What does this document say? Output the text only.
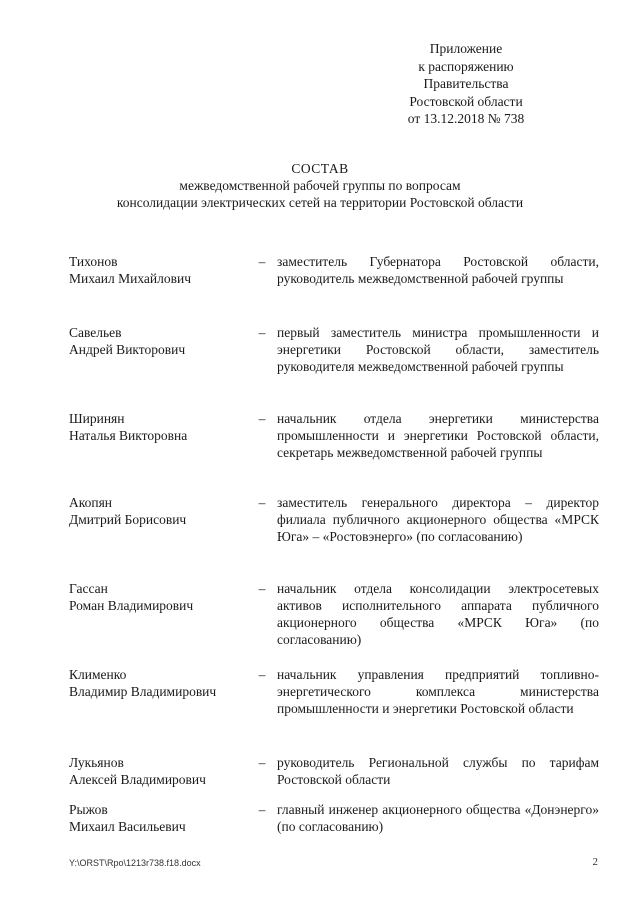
Приложение
к распоряжению
Правительства
Ростовской области
от 13.12.2018 № 738
СОСТАВ
межведомственной рабочей группы по вопросам
консолидации электрических сетей на территории Ростовской области
Тихонов
Михаил Михайлович
– заместитель Губернатора Ростовской области, руководитель межведомственной рабочей группы
Савельев
Андрей Викторович
– первый заместитель министра промышленности и энергетики Ростовской области, заместитель руководителя межведомственной рабочей группы
Ширинян
Наталья Викторовна
– начальник отдела энергетики министерства промышленности и энергетики Ростовской области, секретарь межведомственной рабочей группы
Акопян
Дмитрий Борисович
– заместитель генерального директора – директор филиала публичного акционерного общества «МРСК Юга» – «Ростовэнерго» (по согласованию)
Гассан
Роман Владимирович
– начальник отдела консолидации электросетевых активов исполнительного аппарата публичного акционерного общества «МРСК Юга» (по согласованию)
Клименко
Владимир Владимирович
– начальник управления предприятий топливно-энергетического комплекса министерства промышленности и энергетики Ростовской области
Лукьянов
Алексей Владимирович
– руководитель Региональной службы по тарифам Ростовской области
Рыжов
Михаил Васильевич
– главный инженер акционерного общества «Донэнерго» (по согласованию)
Y:\ORST\Rpo\1213r738.f18.docx	2
